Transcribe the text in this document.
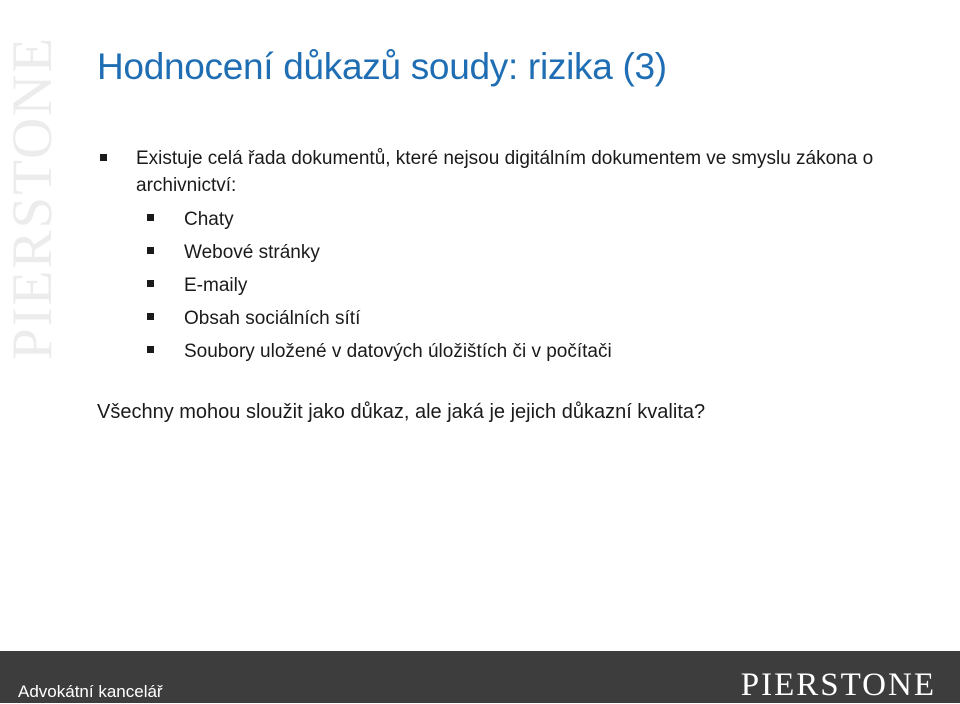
PIERSTONE Hodnocení důkazů soudy: rizika (3)
Existuje celá řada dokumentů, které nejsou digitálním dokumentem ve smyslu zákona o archivnictví:
Chaty
Webové stránky
E-maily
Obsah sociálních sítí
Soubory uložené v datových úložištích či v počítači

Všechny mohou sloužit jako důkaz, ale jaká je jejich důkazní kvalita?

Advokátní kancelář	PIERSTONE
